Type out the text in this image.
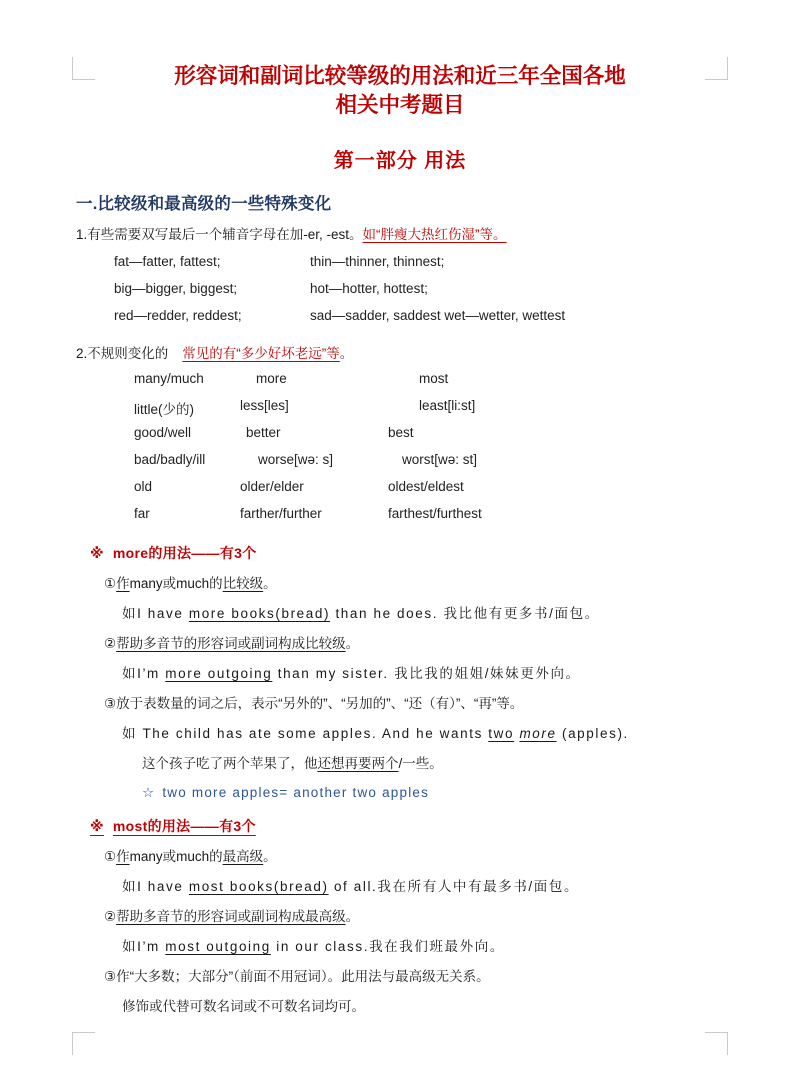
形容词和副词比较等级的用法和近三年全国各地
相关中考题目
第一部分 用法
一.比较级和最高级的一些特殊变化
1.有些需要双写最后一个辅音字母在加-er, -est。如“胖瘦大热红伤湿”等。
fat—fatter, fattest;	thin—thinner, thinnest;
big—bigger, biggest;	hot—hotter, hottest;
red—redder, reddest;	sad—sadder, saddest wet—wetter, wettest
2.不规则变化的 常见的有“多少好坏老远”等。
many/much	more	most
little(少的)	less[les]	least[li:st]
good/well	better	best
bad/badly/ill	worse[wə: s]	worst[wə: st]
old	older/elder	oldest/eldest
far	farther/further	farthest/furthest
※ more的用法——有3个
①作many或much的比较级。
如I have more books(bread) than he does. 我比他有更多书/面包。
②帮助多音节的形容词或副词构成比较级。
如I’m more outgoing than my sister. 我比我的姐姐/妹妹更外向。
③放于表数量的词之后，表示“另外的”、“另加的”、“还（有）”、“再”等。
如 The child has ate some apples. And he wants two more (apples).
这个孩子吃了两个苹果了，他还想再要两个/一些。
☆ two more apples= another two apples
※ most的用法——有3个
①作many或much的最高级。
如I have most books(bread) of all.我在所有人中有最多书/面包。
②帮助多音节的形容词或副词构成最高级。
如I’m most outgoing in our class.我在我们班最外向。
③作“大多数；大部分”（前面不用冠词）。此用法与最高级无关系。
修饰或代替可数名词或不可数名词均可。
